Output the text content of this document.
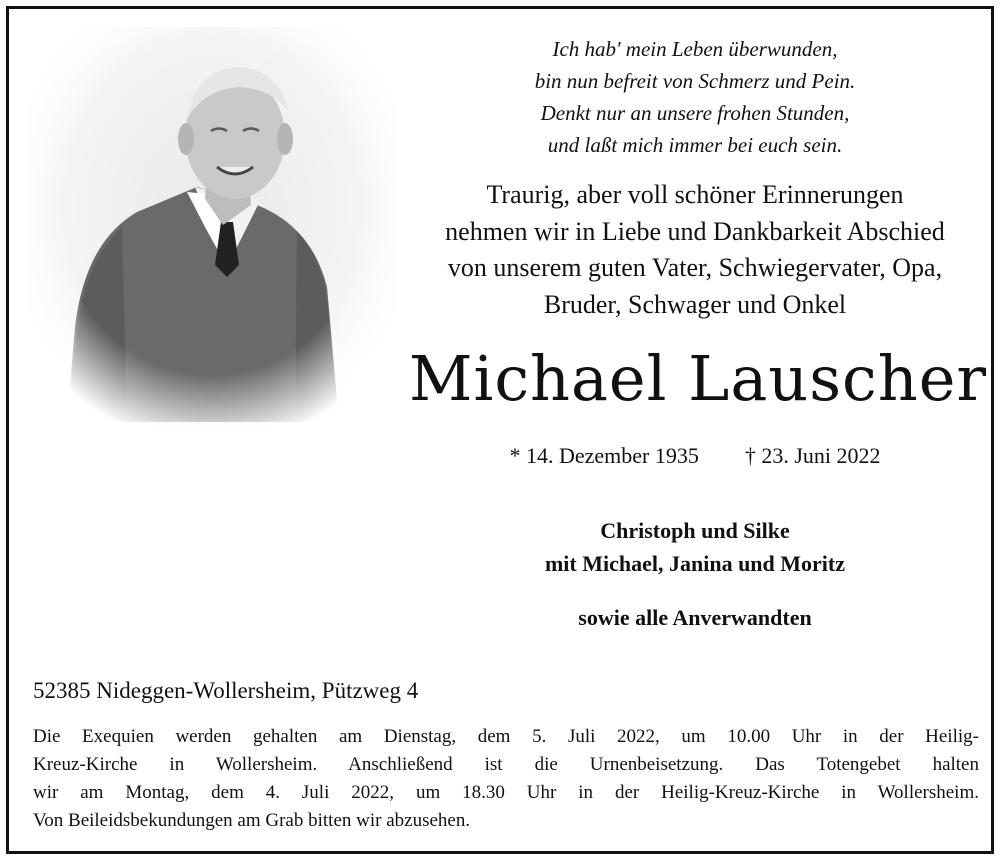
Ich hab' mein Leben überwunden,
bin nun befreit von Schmerz und Pein.
Denkt nur an unsere frohen Stunden,
und laßt mich immer bei euch sein.
Traurig, aber voll schöner Erinnerungen
nehmen wir in Liebe und Dankbarkeit Abschied
von unserem guten Vater, Schwiegervater, Opa,
Bruder, Schwager und Onkel
Michael Lauscher
* 14. Dezember 1935 † 23. Juni 2022
Christoph und Silke
mit Michael, Janina und Moritz
sowie alle Anverwandten
52385 Nideggen-Wollersheim, Pützweg 4
Die Exequien werden gehalten am Dienstag, dem 5. Juli 2022, um 10.00 Uhr in der Heilig-
Kreuz-Kirche in Wollersheim. Anschließend ist die Urnenbeisetzung. Das Totengebet halten
wir am Montag, dem 4. Juli 2022, um 18.30 Uhr in der Heilig-Kreuz-Kirche in Wollersheim.
Von Beileidsbekundungen am Grab bitten wir abzusehen.
